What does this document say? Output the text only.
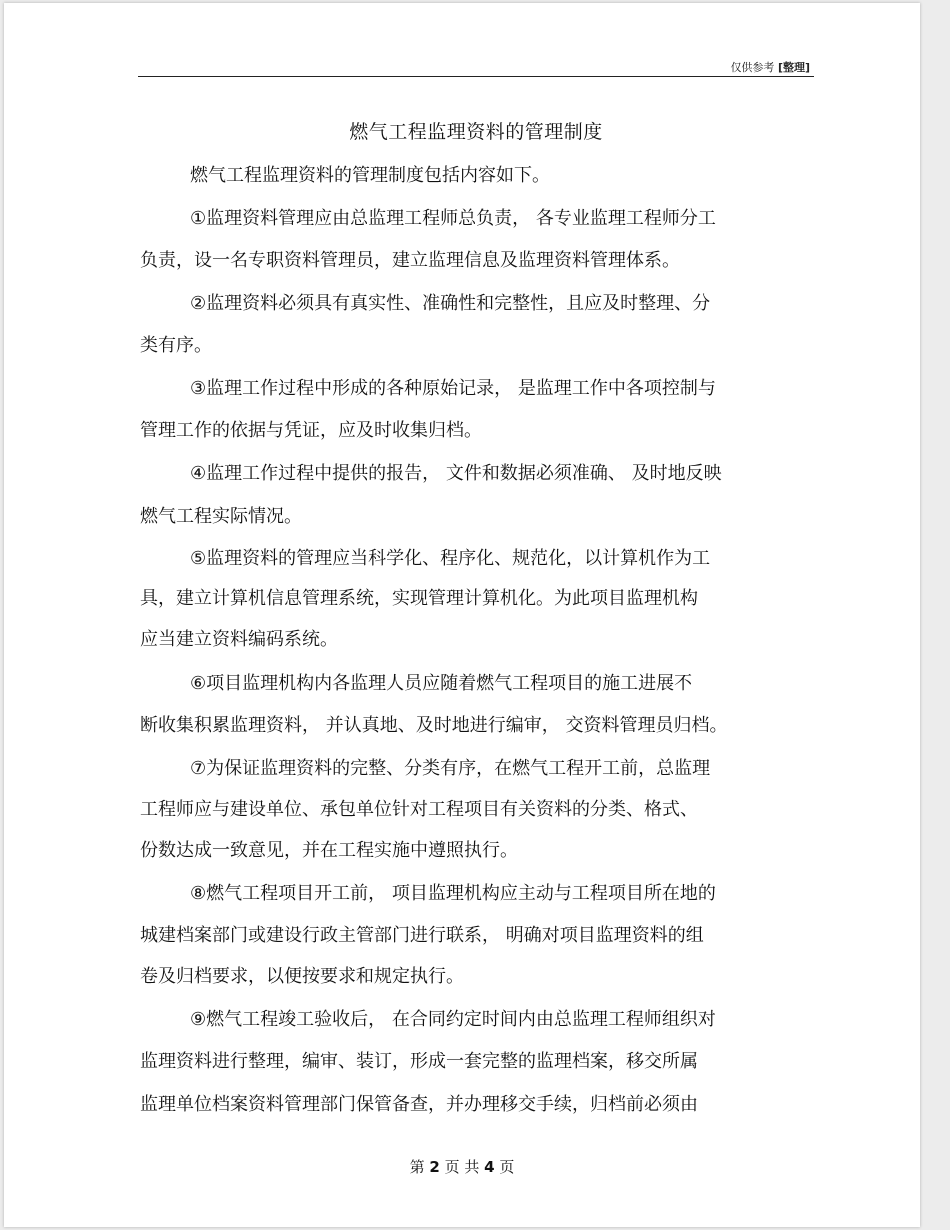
仅供参考 [整理]
燃气工程监理资料的管理制度
燃气工程监理资料的管理制度包括内容如下。
①监理资料管理应由总监理工程师总负责， 各专业监理工程师分工
负责，设一名专职资料管理员，建立监理信息及监理资料管理体系。
②监理资料必须具有真实性、准确性和完整性，且应及时整理、分
类有序。
③监理工作过程中形成的各种原始记录， 是监理工作中各项控制与
管理工作的依据与凭证，应及时收集归档。
④监理工作过程中提供的报告， 文件和数据必须准确、 及时地反映
燃气工程实际情况。
⑤监理资料的管理应当科学化、程序化、规范化，以计算机作为工
具，建立计算机信息管理系统，实现管理计算机化。为此项目监理机构
应当建立资料编码系统。
⑥项目监理机构内各监理人员应随着燃气工程项目的施工进展不
断收集积累监理资料， 并认真地、及时地进行编审， 交资料管理员归档。
⑦为保证监理资料的完整、分类有序，在燃气工程开工前，总监理
工程师应与建设单位、承包单位针对工程项目有关资料的分类、格式、
份数达成一致意见，并在工程实施中遵照执行。
⑧燃气工程项目开工前， 项目监理机构应主动与工程项目所在地的
城建档案部门或建设行政主管部门进行联系， 明确对项目监理资料的组
卷及归档要求，以便按要求和规定执行。
⑨燃气工程竣工验收后， 在合同约定时间内由总监理工程师组织对
监理资料进行整理，编审、装订，形成一套完整的监理档案，移交所属
监理单位档案资料管理部门保管备查，并办理移交手续，归档前必须由
第 2 页 共 4 页
